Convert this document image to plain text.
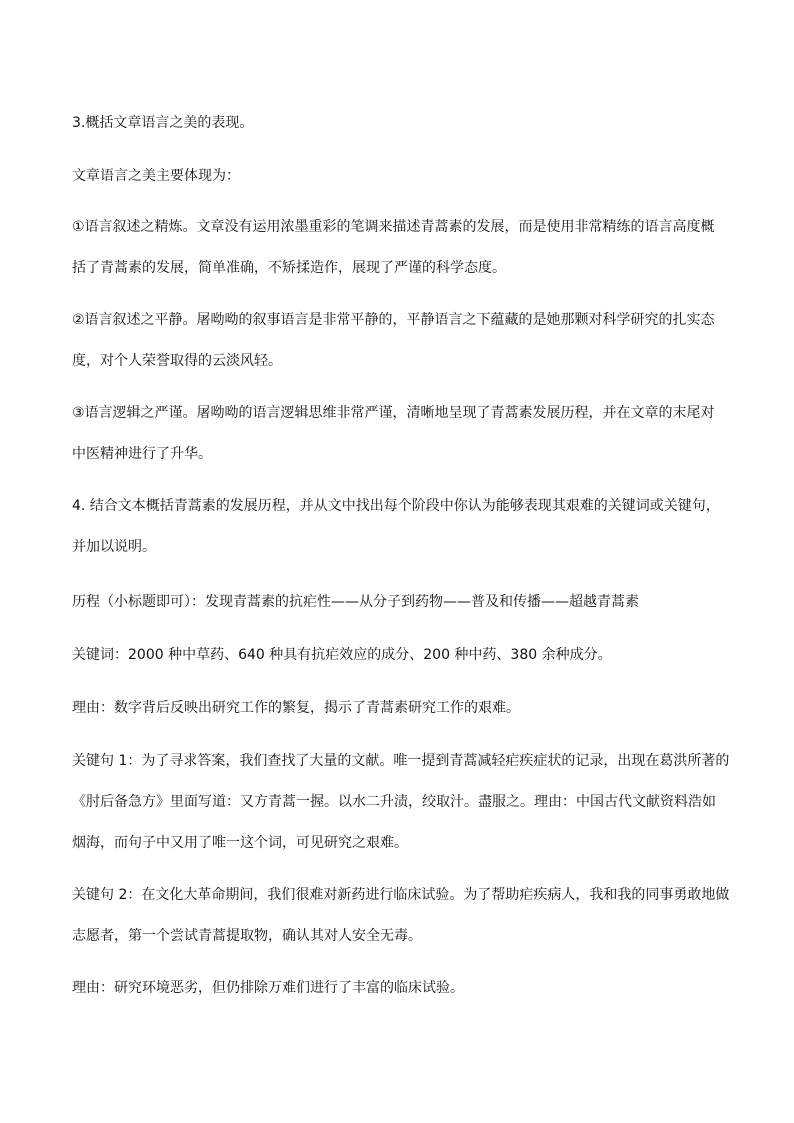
3.概括文章语言之美的表现。

文章语言之美主要体现为：

①语言叙述之精炼。文章没有运用浓墨重彩的笔调来描述青蒿素的发展，而是使用非常精练的语言高度概
括了青蒿素的发展，简单准确，不矫揉造作，展现了严谨的科学态度。
②语言叙述之平静。屠呦呦的叙事语言是非常平静的，平静语言之下蕴藏的是她那颗对科学研究的扎实态
度，对个人荣誉取得的云淡风轻。
③语言逻辑之严谨。屠呦呦的语言逻辑思维非常严谨，清晰地呈现了青蒿素发展历程，并在文章的末尾对
中医精神进行了升华。
4. 结合文本概括青蒿素的发展历程，并从文中找出每个阶段中你认为能够表现其艰难的关键词或关键句，
并加以说明。

历程（小标题即可）：发现青蒿素的抗疟性——从分子到药物——普及和传播——超越青蒿素

关键词：2000 种中草药、640 种具有抗疟效应的成分、200 种中药、380 余种成分。

理由：数字背后反映出研究工作的繁复，揭示了青蒿素研究工作的艰难。

关键句 1：为了寻求答案，我们查找了大量的文献。唯一提到青蒿减轻疟疾症状的记录，出现在葛洪所著的
《肘后备急方》里面写道：又方青蒿一握。以水二升渍，绞取汁。盡服之。理由：中国古代文献资料浩如
烟海，而句子中又用了唯一这个词，可见研究之艰难。
关键句 2：在文化大革命期间，我们很难对新药进行临床试验。为了帮助疟疾病人，我和我的同事勇敢地做
志愿者，第一个尝试青蒿提取物，确认其对人安全无毒。

理由：研究环境恶劣，但仍排除万难们进行了丰富的临床试验。
